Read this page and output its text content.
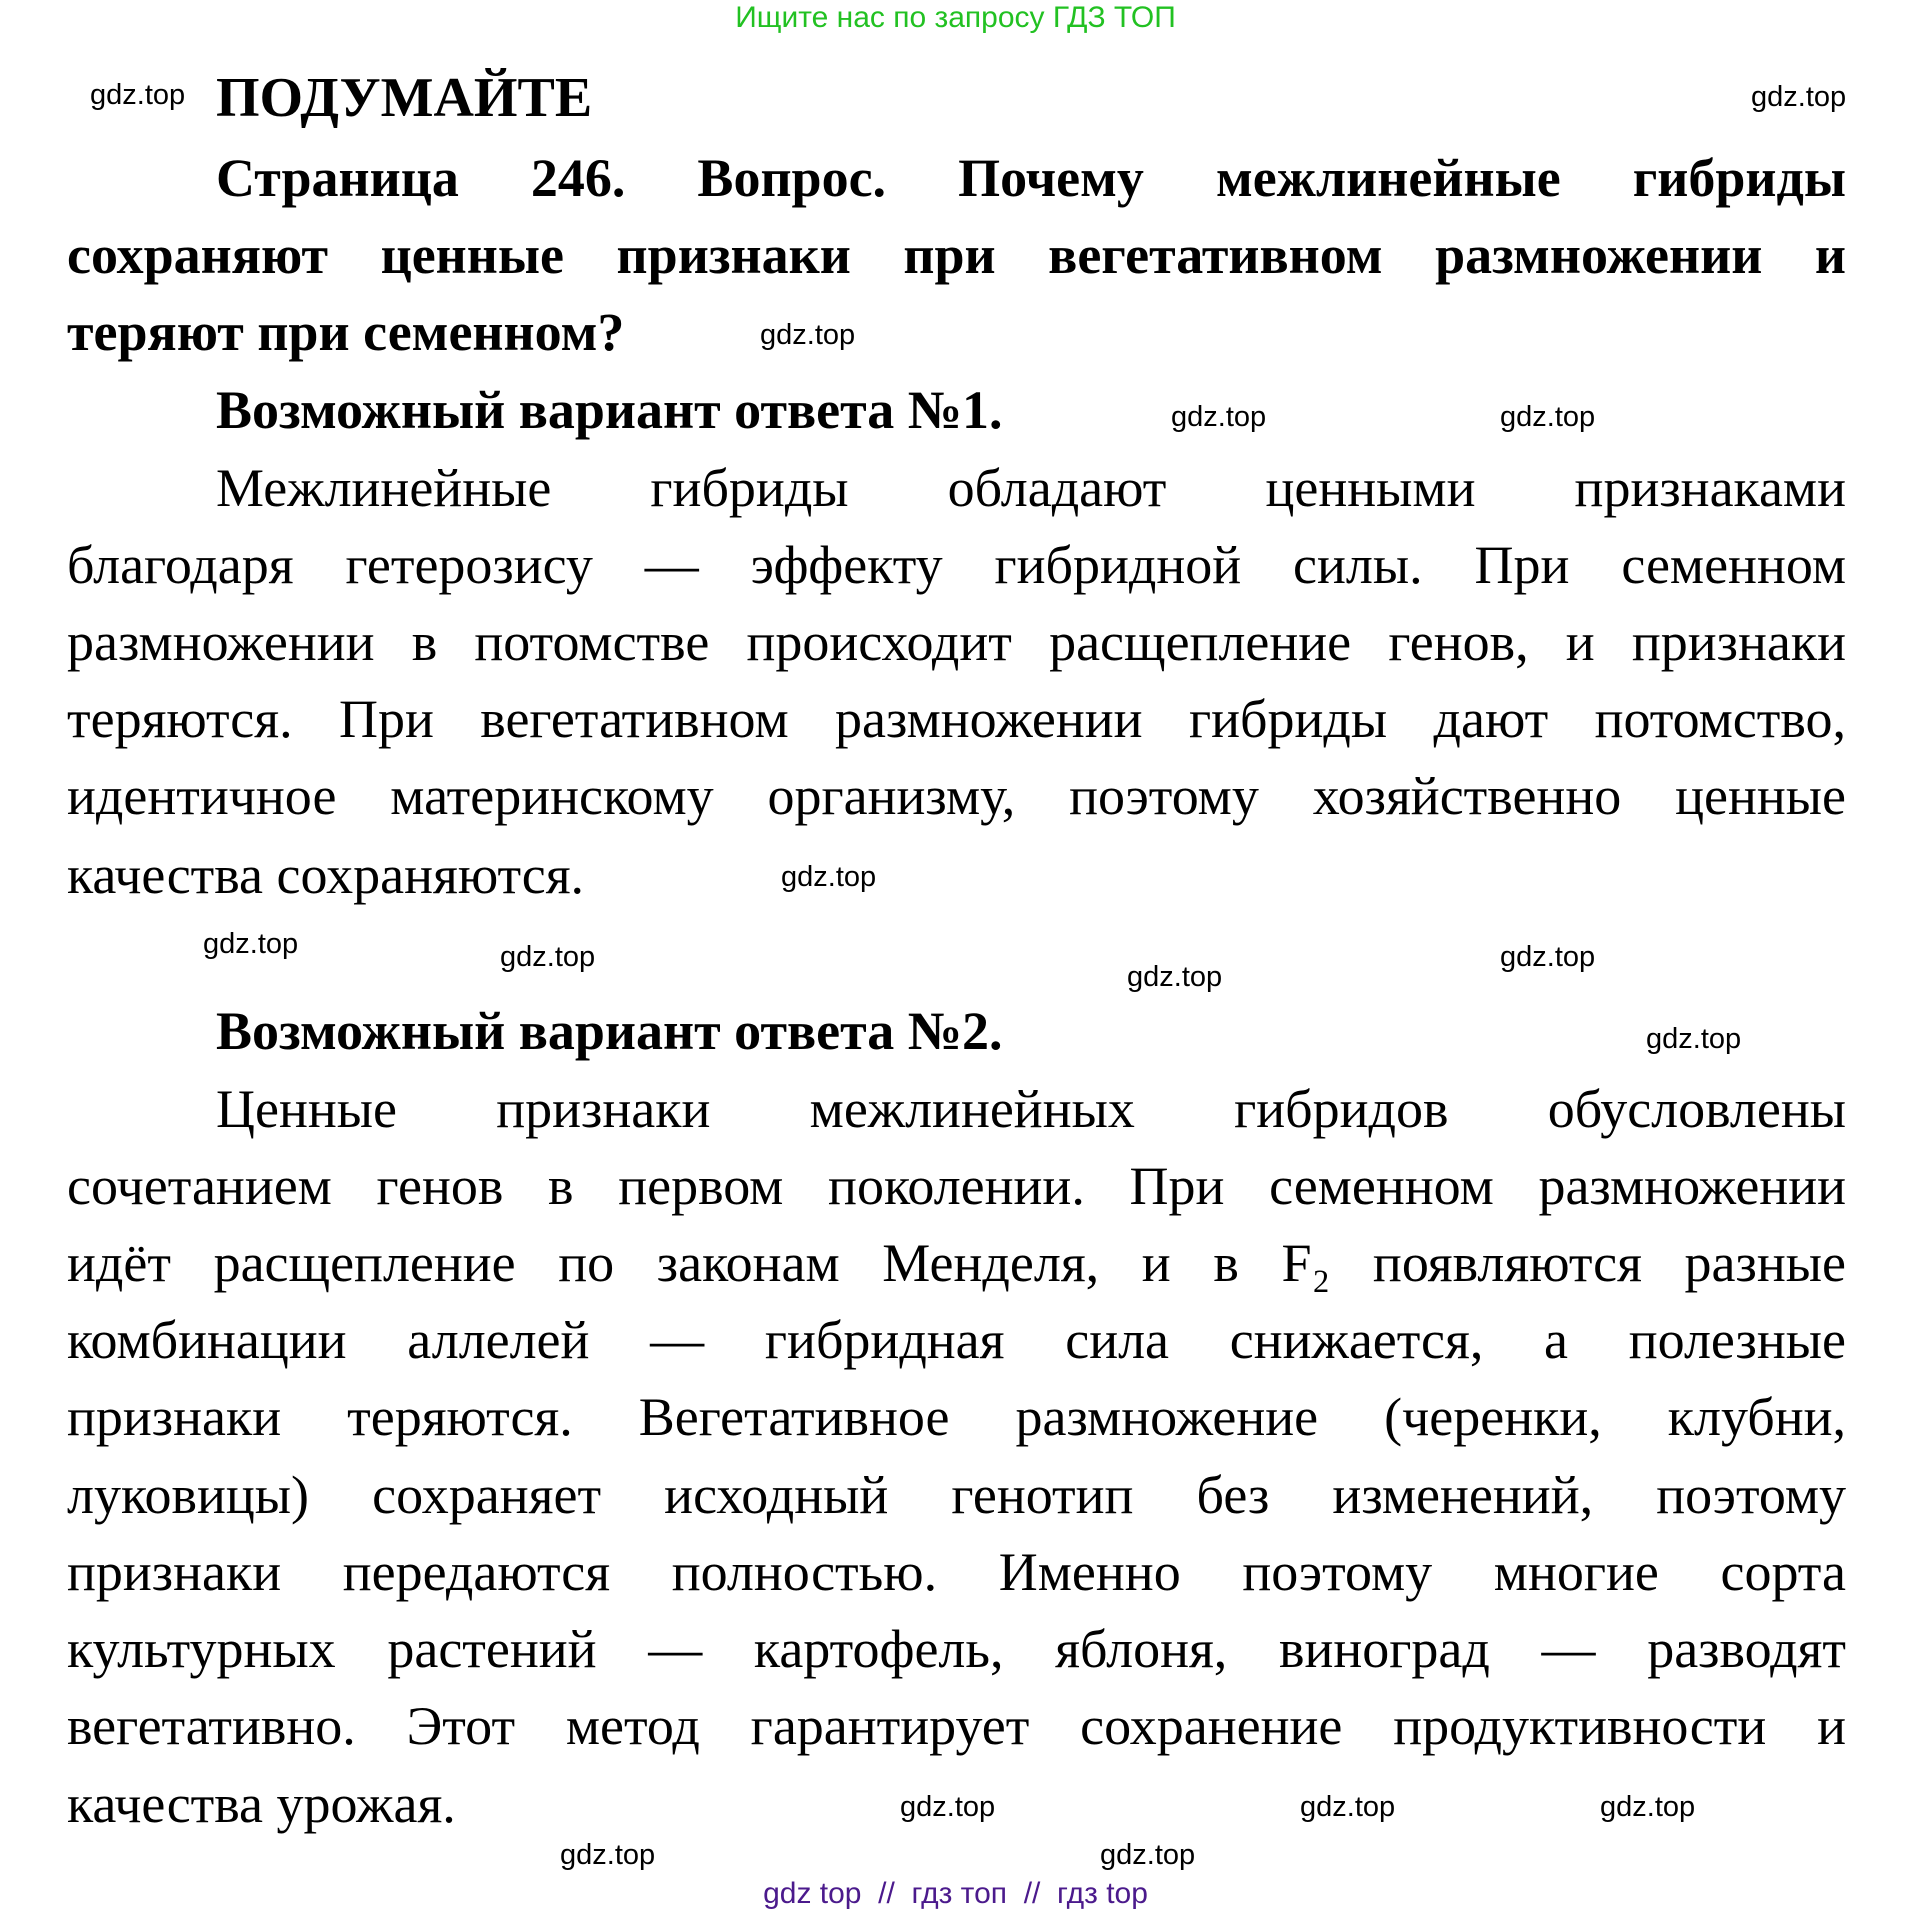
Ищите нас по запросу ГДЗ ТОП
ПОДУМАЙТЕ
Страница 246. Вопрос. Почему межлинейные гибриды
сохраняют ценные признаки при вегетативном размножении и
теряют при семенном?
Возможный вариант ответа №1.
Межлинейные гибриды обладают ценными признаками
благодаря гетерозису — эффекту гибридной силы. При семенном
размножении в потомстве происходит расщепление генов, и признаки
теряются. При вегетативном размножении гибриды дают потомство,
идентичное материнскому организму, поэтому хозяйственно ценные
качества сохраняются.
Возможный вариант ответа №2.
Ценные признаки межлинейных гибридов обусловлены
сочетанием генов в первом поколении. При семенном размножении
идёт расщепление по законам Менделя, и в F₂ появляются разные
комбинации аллелей — гибридная сила снижается, а полезные
признаки теряются. Вегетативное размножение (черенки, клубни,
луковицы) сохраняет исходный генотип без изменений, поэтому
признаки передаются полностью. Именно поэтому многие сорта
культурных растений — картофель, яблоня, виноград — разводят
вегетативно. Этот метод гарантирует сохранение продуктивности и
качества урожая.
gdz.top	gdz.top
gdz.top
gdz.top	gdz.top
gdz.top
gdz.top
gdz.top
gdz.top
gdz.top
gdz.top
gdz.top	gdz.top	gdz.top
gdz.top	gdz.top
gdz top  //  гдз топ  //  гдз top
